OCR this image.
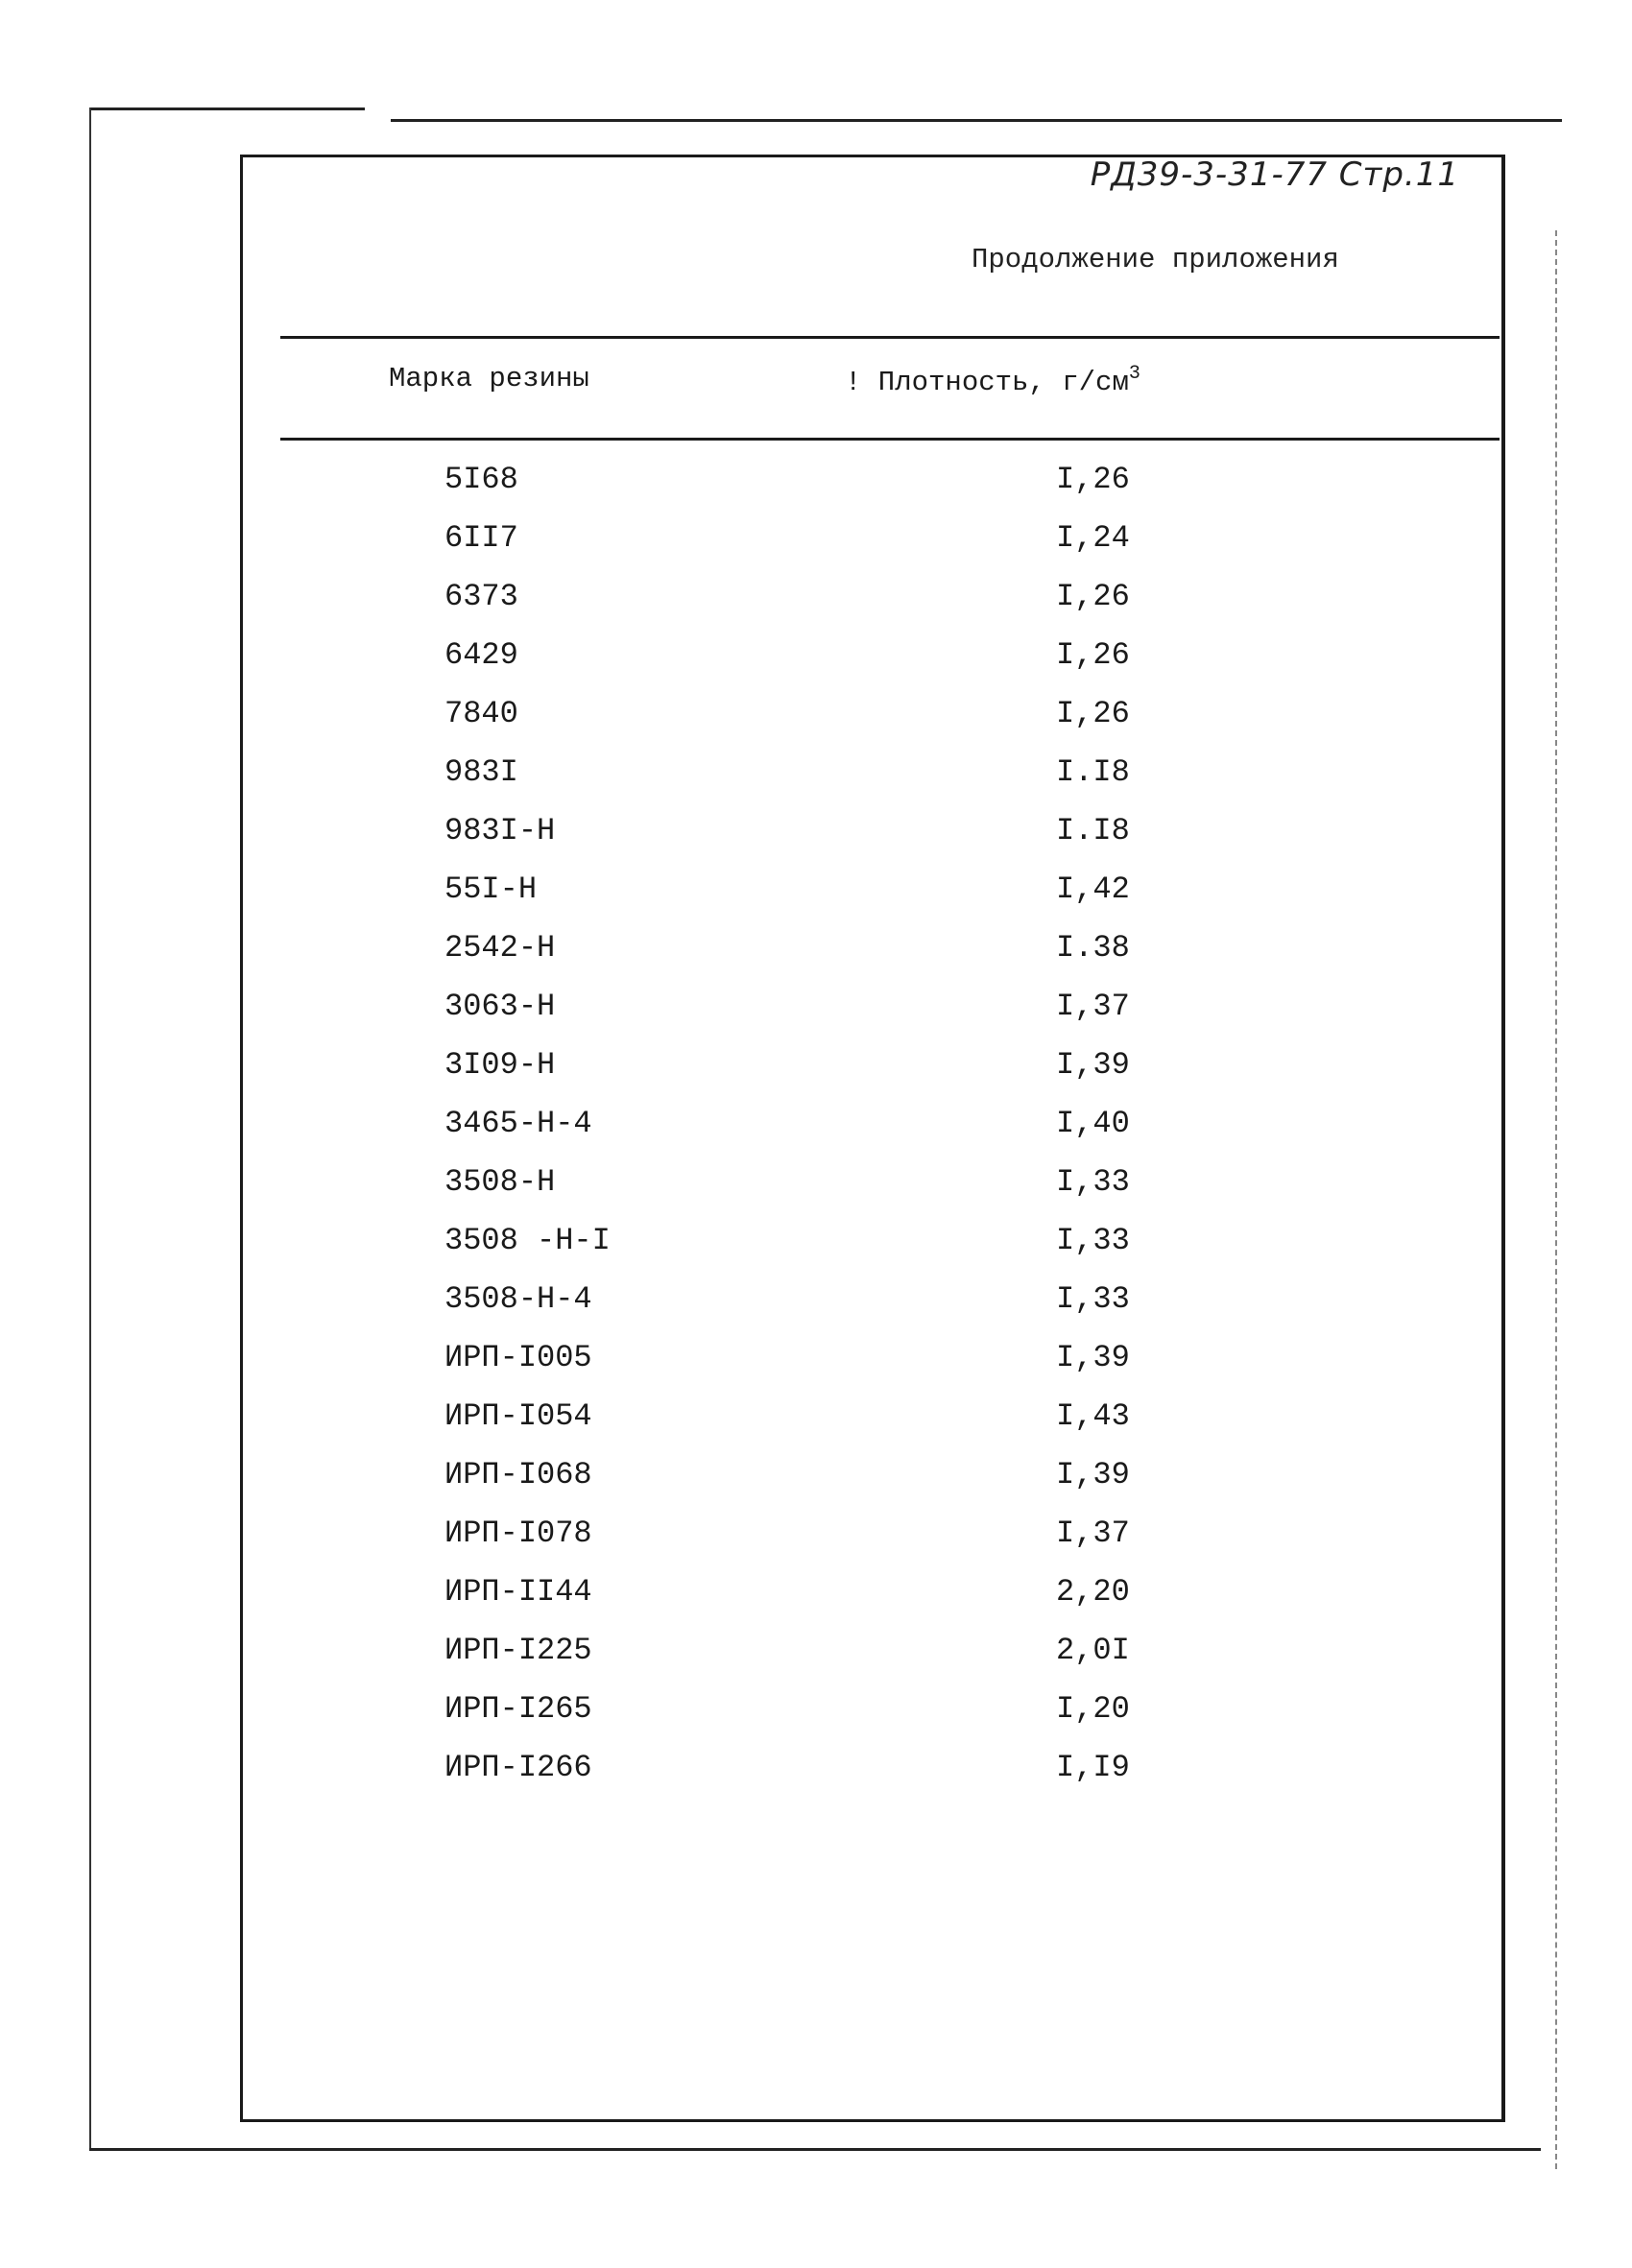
РД39-3-31-77 Стр.11
Продолжение приложения
Марка резины	! Плотность, $г/см^3$
5I68	I,26
6II7	I,24
6373	I,26
6429	I,26
7840	I,26
983I	I.I8
983I-Н	I.I8
55I-Н	I,42
2542-Н	I.38
3063-Н	I,37
3I09-Н	I,39
3465-Н-4	I,40
3508-Н	I,33
3508 -Н-I	I,33
3508-Н-4	I,33
ИРП-I005	I,39
ИРП-I054	I,43
ИРП-I068	I,39
ИРП-I078	I,37
ИРП-II44	2,20
ИРП-I225	2,0I
ИРП-I265	I,20
ИРП-I266	I,I9
